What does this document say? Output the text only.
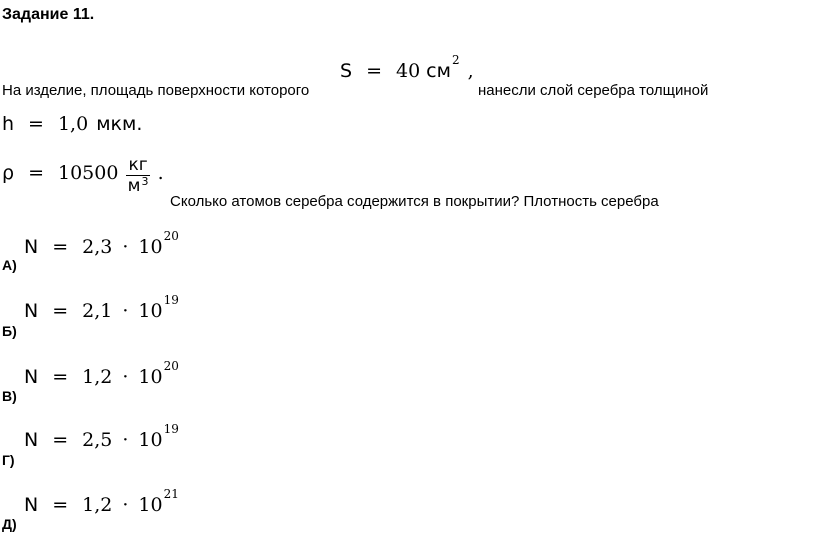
Задание 11.
На изделие, площадь поверхности которого
S = 40 см 2 ,
нанесли слой серебра толщиной
h = 1,0 мкм.
$\rho = 10500 \frac{кг}{м^3}$ .
Сколько атомов серебра содержится в покрытии? Плотность серебра
А)
N = 2,3 · 10 20
Б)
N = 2,1 · 10 19
В)
N = 1,2 · 10 20
Г)
N = 2,5 · 10 19
Д)
N = 1,2 · 10 21
